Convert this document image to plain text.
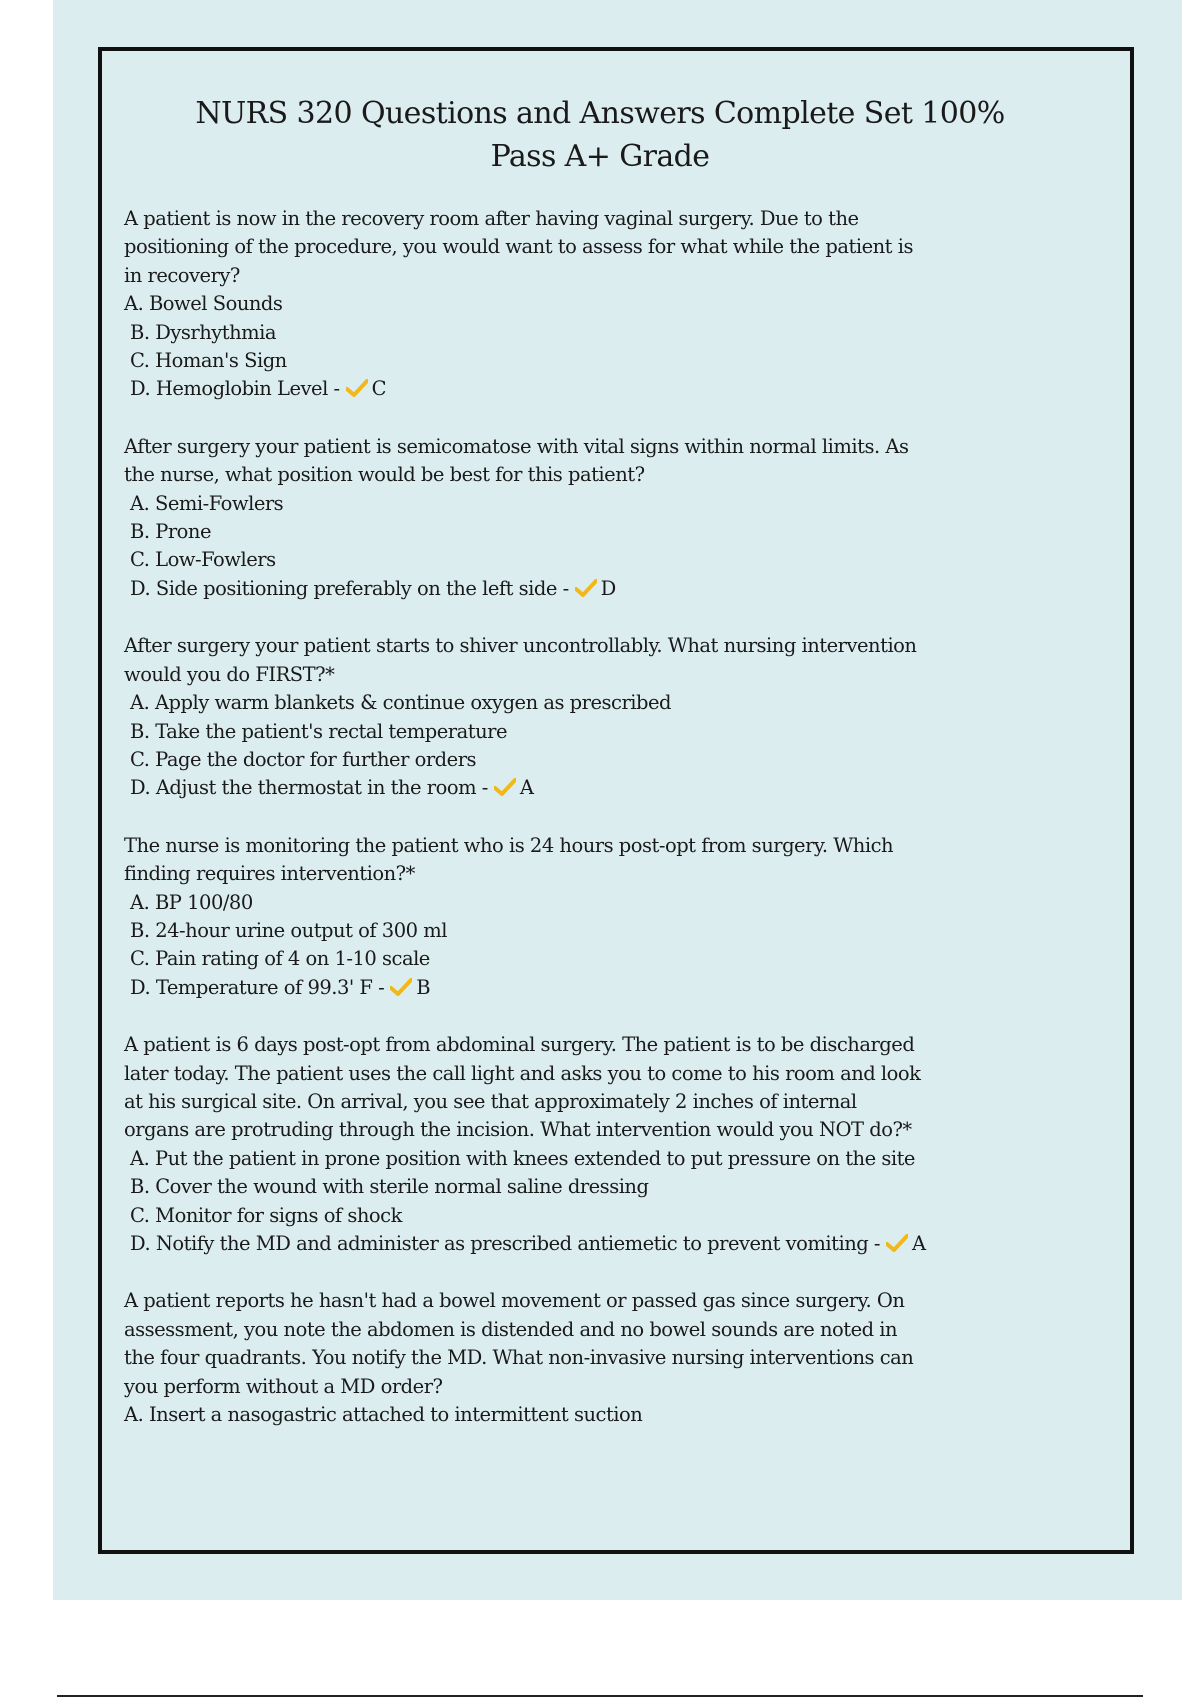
NURS 320 Questions and Answers Complete Set 100%
Pass A+ Grade

A patient is now in the recovery room after having vaginal surgery. Due to the positioning of the procedure, you would want to assess for what while the patient is in recovery?

A. Bowel Sounds

B. Dysrhythmia

C. Homan's Sign

D. Hemoglobin Level - C

After surgery your patient is semicomatose with vital signs within normal limits. As the nurse, what position would be best for this patient?

A. Semi-Fowlers

B. Prone

C. Low-Fowlers

D. Side positioning preferably on the left side - D

After surgery your patient starts to shiver uncontrollably. What nursing intervention would you do FIRST?*

A. Apply warm blankets & continue oxygen as prescribed

B. Take the patient's rectal temperature

C. Page the doctor for further orders

D. Adjust the thermostat in the room - A

The nurse is monitoring the patient who is 24 hours post-opt from surgery. Which finding requires intervention?*

A. BP 100/80

B. 24-hour urine output of 300 ml

C. Pain rating of 4 on 1-10 scale

D. Temperature of 99.3' F - B

A patient is 6 days post-opt from abdominal surgery. The patient is to be discharged later today. The patient uses the call light and asks you to come to his room and look at his surgical site. On arrival, you see that approximately 2 inches of internal organs are protruding through the incision. What intervention would you NOT do?*

A. Put the patient in prone position with knees extended to put pressure on the site

B. Cover the wound with sterile normal saline dressing

C. Monitor for signs of shock

D. Notify the MD and administer as prescribed antiemetic to prevent vomiting - A

A patient reports he hasn't had a bowel movement or passed gas since surgery. On assessment, you note the abdomen is distended and no bowel sounds are noted in the four quadrants. You notify the MD. What non-invasive nursing interventions can you perform without a MD order?

A. Insert a nasogastric attached to intermittent suction
